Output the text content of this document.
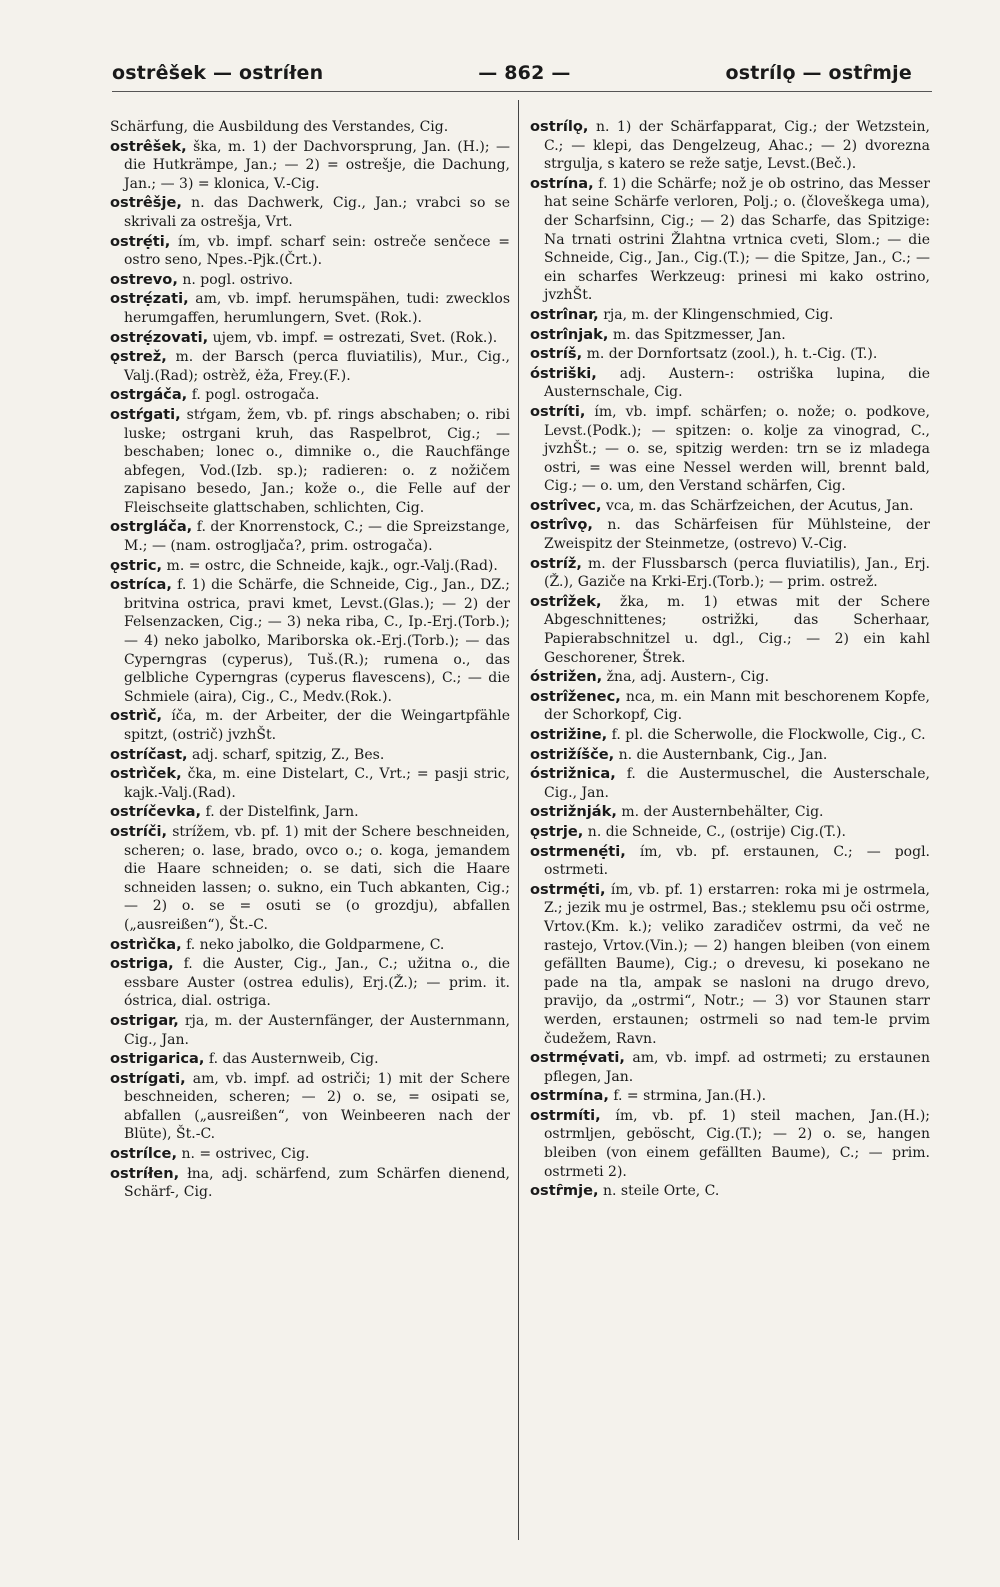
ostrêšek — ostríłen	— 862 —	ostrílǫ — ostȓmje

Schärfung, die Ausbildung des Verstandes, Cig.

ostrêšek, ška, m. 1) der Dachvorsprung, Jan. (H.); — die Hutkrämpe, Jan.; — 2) = ostrešje, die Dachung, Jan.; — 3) = klonica, V.-Cig.

ostrêšje, n. das Dachwerk, Cig., Jan.; vrabci so se skrivali za ostrešja, Vrt.

ostrẹ́ti, ím, vb. impf. scharf sein: ostreče senčece = ostro seno, Npes.-Pjk.(Črt.).

ostrevo, n. pogl. ostrivo.

ostrẹ́zati, am, vb. impf. herumspähen, tudi: zwecklos herumgaffen, herumlungern, Svet. (Rok.).

ostrẹ́zovati, ujem, vb. impf. = ostrezati, Svet. (Rok.).

ǫstrež, m. der Barsch (perca fluviatilis), Mur., Cig., Valj.(Rad); ostrèž, ėža, Frey.(F.).

ostrgáča, f. pogl. ostrogača.

ostŕgati, stŕgam, žem, vb. pf. rings abschaben; o. ribi luske; ostrgani kruh, das Raspelbrot, Cig.; — beschaben; lonec o., dimnike o., die Rauchfänge abfegen, Vod.(Izb. sp.); radieren: o. z nožičem zapisano besedo, Jan.; kože o., die Felle auf der Fleischseite glattschaben, schlichten, Cig.

ostrgláča, f. der Knorrenstock, C.; — die Spreizstange, M.; — (nam. ostrogljača?, prim. ostrogača).

ǫstric, m. = ostrc, die Schneide, kajk., ogr.-Valj.(Rad).

ostríca, f. 1) die Schärfe, die Schneide, Cig., Jan., DZ.; britvina ostrica, pravi kmet, Levst.(Glas.); — 2) der Felsenzacken, Cig.; — 3) neka riba, C., Ip.-Erj.(Torb.); — 4) neko jabolko, Mariborska ok.-Erj.(Torb.); — das Cyperngras (cyperus), Tuš.(R.); rumena o., das gelbliche Cyperngras (cyperus flavescens), C.; — die Schmiele (aira), Cig., C., Medv.(Rok.).

ostrìč, íča, m. der Arbeiter, der die Weingartpfähle spitzt, (ostrič) jvzhŠt.

ostríčast, adj. scharf, spitzig, Z., Bes.

ostrìček, čka, m. eine Distelart, C., Vrt.; = pasji stric, kajk.-Valj.(Rad).

ostríčevka, f. der Distelfink, Jarn.

ostríči, strížem, vb. pf. 1) mit der Schere beschneiden, scheren; o. lase, brado, ovco o.; o. koga, jemandem die Haare schneiden; o. se dati, sich die Haare schneiden lassen; o. sukno, ein Tuch abkanten, Cig.; — 2) o. se = osuti se (o grozdju), abfallen („ausreißen“), Št.-C.

ostrìčka, f. neko jabolko, die Goldparmene, C.

ostriga, f. die Auster, Cig., Jan., C.; užitna o., die essbare Auster (ostrea edulis), Erj.(Ž.); — prim. it. óstrica, dial. ostriga.

ostrigar, rja, m. der Austernfänger, der Austernmann, Cig., Jan.

ostrigarica, f. das Austernweib, Cig.

ostrígati, am, vb. impf. ad ostriči; 1) mit der Schere beschneiden, scheren; — 2) o. se, = osipati se, abfallen („ausreißen“, von Weinbeeren nach der Blüte), Št.-C.

ostrílce, n. = ostrivec, Cig.

ostríłen, łna, adj. schärfend, zum Schärfen dienend, Schärf-, Cig.

ostrílǫ, n. 1) der Schärfapparat, Cig.; der Wetzstein, C.; — klepi, das Dengelzeug, Ahac.; — 2) dvorezna strgulja, s katero se reže satje, Levst.(Beč.).

ostrína, f. 1) die Schärfe; nož je ob ostrino, das Messer hat seine Schärfe verloren, Polj.; o. (človeškega uma), der Scharfsinn, Cig.; — 2) das Scharfe, das Spitzige: Na trnati ostrini Žlahtna vrtnica cveti, Slom.; — die Schneide, Cig., Jan., Cig.(T.); — die Spitze, Jan., C.; — ein scharfes Werkzeug: prinesi mi kako ostrino, jvzhŠt.

ostrînar, rja, m. der Klingenschmied, Cig.

ostrînjak, m. das Spitzmesser, Jan.

ostríš, m. der Dornfortsatz (zool.), h. t.-Cig. (T.).

óstriški, adj. Austern-: ostriška lupina, die Austernschale, Cig.

ostríti, ím, vb. impf. schärfen; o. nože; o. podkove, Levst.(Podk.); — spitzen: o. kolje za vinograd, C., jvzhŠt.; — o. se, spitzig werden: trn se iz mladega ostri, = was eine Nessel werden will, brennt bald, Cig.; — o. um, den Verstand schärfen, Cig.

ostrîvec, vca, m. das Schärfzeichen, der Acutus, Jan.

ostrîvǫ, n. das Schärfeisen für Mühlsteine, der Zweispitz der Steinmetze, (ostrevo) V.-Cig.

ostríž, m. der Flussbarsch (perca fluviatilis), Jan., Erj.(Ž.), Gaziče na Krki-Erj.(Torb.); — prim. ostrež.

ostrîžek, žka, m. 1) etwas mit der Schere Abgeschnittenes; ostrižki, das Scherhaar, Papierabschnitzel u. dgl., Cig.; — 2) ein kahl Geschorener, Štrek.

óstrižen, žna, adj. Austern-, Cig.

ostrîženec, nca, m. ein Mann mit beschorenem Kopfe, der Schorkopf, Cig.

ostrižine, f. pl. die Scherwolle, die Flockwolle, Cig., C.

ostrižíšče, n. die Austernbank, Cig., Jan.

óstrižnica, f. die Austermuschel, die Austerschale, Cig., Jan.

ostrižnják, m. der Austernbehälter, Cig.

ǫstrje, n. die Schneide, C., (ostrije) Cig.(T.).

ostrmenẹ́ti, ím, vb. pf. erstaunen, C.; — pogl. ostrmeti.

ostrmẹ́ti, ím, vb. pf. 1) erstarren: roka mi je ostrmela, Z.; jezik mu je ostrmel, Bas.; steklemu psu oči ostrme, Vrtov.(Km. k.); veliko zaradičev ostrmi, da več ne rastejo, Vrtov.(Vin.); — 2) hangen bleiben (von einem gefällten Baume), Cig.; o drevesu, ki posekano ne pade na tla, ampak se nasloni na drugo drevo, pravijo, da „ostrmi“, Notr.; — 3) vor Staunen starr werden, erstaunen; ostrmeli so nad tem-le prvim čudežem, Ravn.

ostrmẹ́vati, am, vb. impf. ad ostrmeti; zu erstaunen pflegen, Jan.

ostrmína, f. = strmina, Jan.(H.).

ostrmíti, ím, vb. pf. 1) steil machen, Jan.(H.); ostrmljen, geböscht, Cig.(T.); — 2) o. se, hangen bleiben (von einem gefällten Baume), C.; — prim. ostrmeti 2).

ostȓmje, n. steile Orte, C.
